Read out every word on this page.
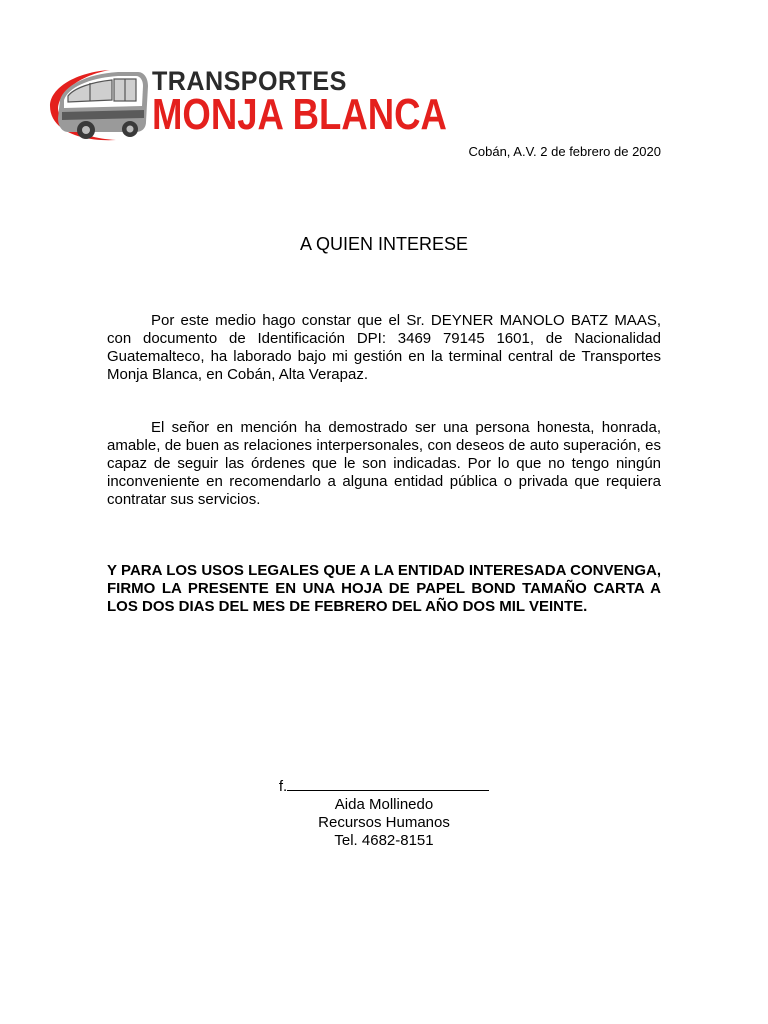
TRANSPORTES
MONJA BLANCA
Cobán, A.V. 2 de febrero de 2020
A QUIEN INTERESE

Por este medio hago constar que el Sr. DEYNER MANOLO BATZ MAAS, con documento de Identificación DPI: 3469 79145 1601, de Nacionalidad Guatemalteco, ha laborado bajo mi gestión en la terminal central de Transportes Monja Blanca, en Cobán, Alta Verapaz.

El señor en mención ha demostrado ser una persona honesta, honrada, amable, de buen as relaciones interpersonales, con deseos de auto superación, es capaz de seguir las órdenes que le son indicadas. Por lo que no tengo ningún inconveniente en recomendarlo a alguna entidad pública o privada que requiera contratar sus servicios.

Y PARA LOS USOS LEGALES QUE A LA ENTIDAD INTERESADA CONVENGA, FIRMO LA PRESENTE EN UNA HOJA DE PAPEL BOND TAMAÑO CARTA A LOS DOS DIAS DEL MES DE FEBRERO DEL AÑO DOS MIL VEINTE.

f.
Aida Mollinedo
Recursos Humanos
Tel. 4682-8151
